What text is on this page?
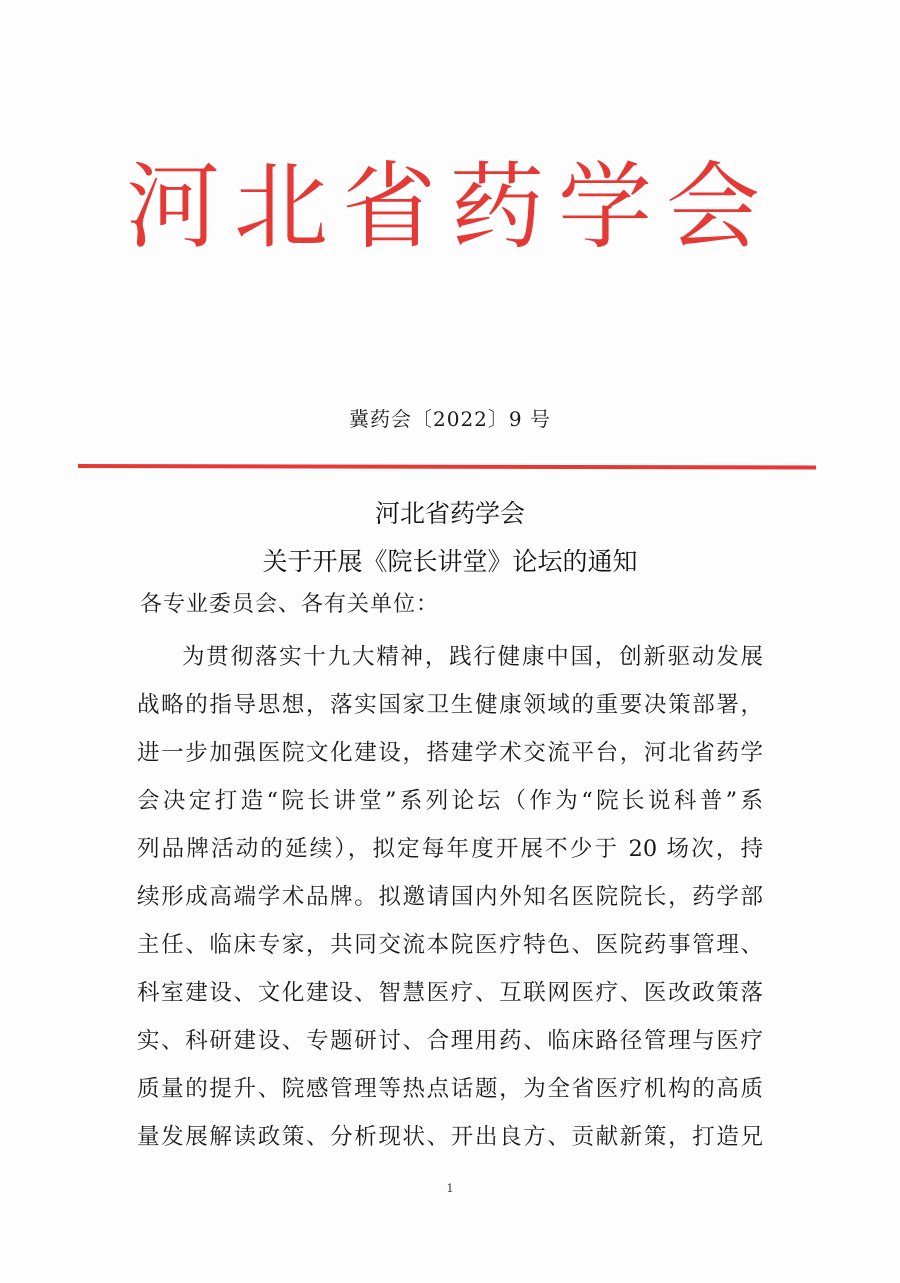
河北省药学会
冀药会〔2022〕9 号
河北省药学会
关于开展《院长讲堂》论坛的通知
各专业委员会、各有关单位：
为贯彻落实十九大精神，践行健康中国，创新驱动发展
战略的指导思想，落实国家卫生健康领域的重要决策部署，
进一步加强医院文化建设，搭建学术交流平台，河北省药学
会决定打造“院长讲堂”系列论坛（作为“院长说科普”系
列品牌活动的延续），拟定每年度开展不少于 20 场次，持
续形成高端学术品牌。拟邀请国内外知名医院院长，药学部
主任、临床专家，共同交流本院医疗特色、医院药事管理、
科室建设、文化建设、智慧医疗、互联网医疗、医改政策落
实、科研建设、专题研讨、合理用药、临床路径管理与医疗
质量的提升、院感管理等热点话题，为全省医疗机构的高质
量发展解读政策、分析现状、开出良方、贡献新策，打造兄
1
